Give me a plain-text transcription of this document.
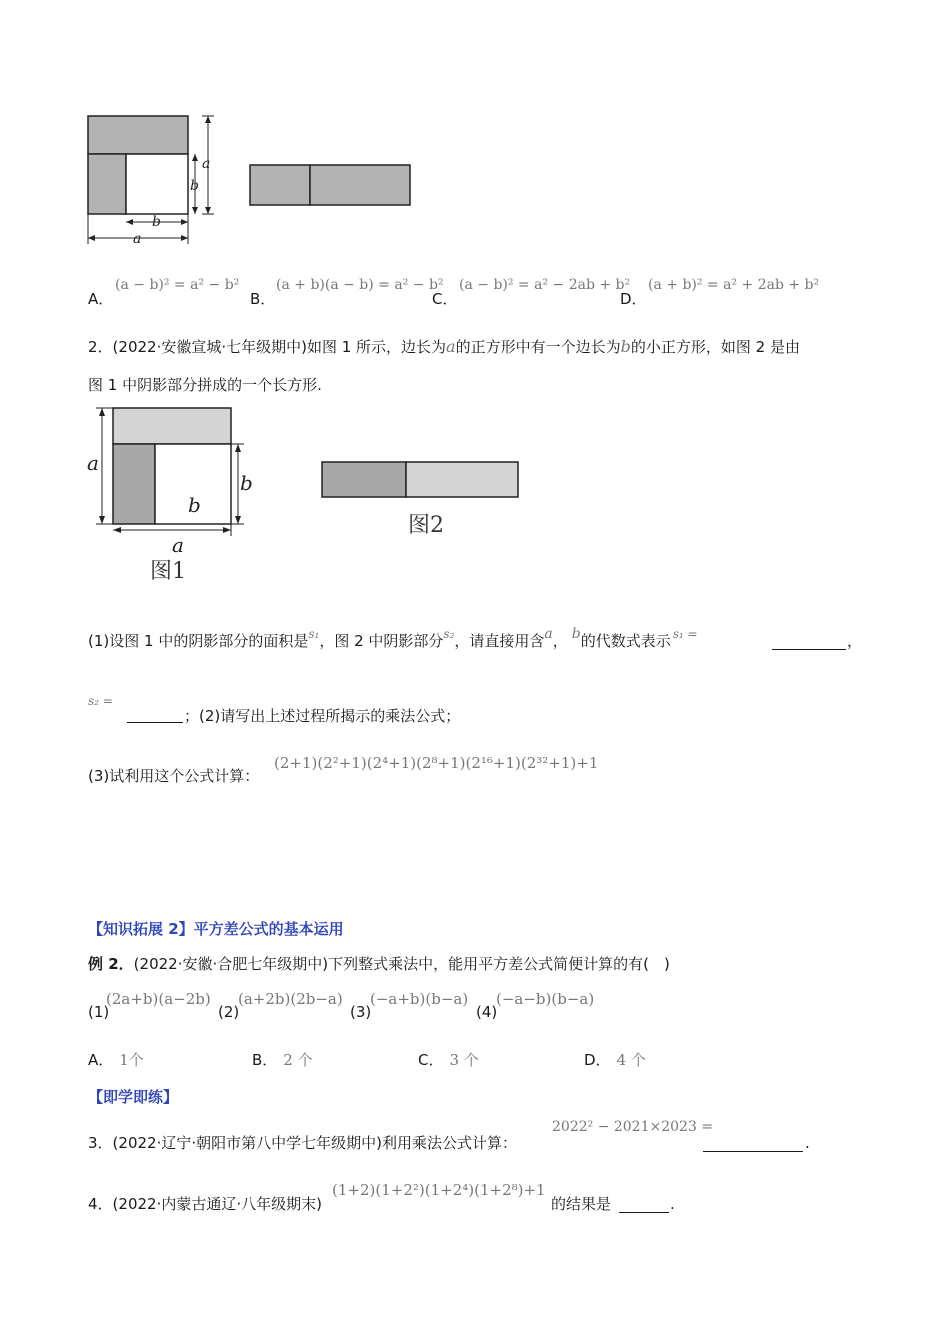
a
b
b
a
A．
(a − b)² = a² − b²
B．
(a + b)(a − b) = a² − b²
C．
(a − b)² = a² − 2ab + b²
D．
(a + b)² = a² + 2ab + b²
2．(2022·安徽宣城·七年级期中)如图 1 所示，边长为a的正方形中有一个边长为b的小正方形，如图 2 是由
图 1 中阴影部分拼成的一个长方形.
a
b
b
a
图1
图2
(1)设图 1 中的阴影部分的面积是$^{s_1}$，图 2 中阴影部分$^{s_2}$，请直接用含a， b的代数式表示 $^{s_1 =}$	，
s₂ =
；(2)请写出上述过程所揭示的乘法公式；
(3)试利用这个公式计算：
(2+1)(2²+1)(2⁴+1)(2⁸+1)(2¹⁶+1)(2³²+1)+1
【知识拓展 2】平方差公式的基本运用
例 2．(2022·安徽·合肥七年级期中)下列整式乘法中，能用平方差公式简便计算的有(　)
(1)
(2a+b)(a−2b)
(2)
(a+2b)(2b−a)
(3)
(−a+b)(b−a)
(4)
(−a−b)(b−a)
A． 1个	B． 2 个	C． 3 个	D． 4 个
【即学即练】
3．(2022·辽宁·朝阳市第八中学七年级期中)利用乘法公式计算：
2022² − 2021×2023 =
.
4．(2022·内蒙古通辽·八年级期末)
(1+2)(1+2²)(1+2⁴)(1+2⁸)+1
的结果是	.
